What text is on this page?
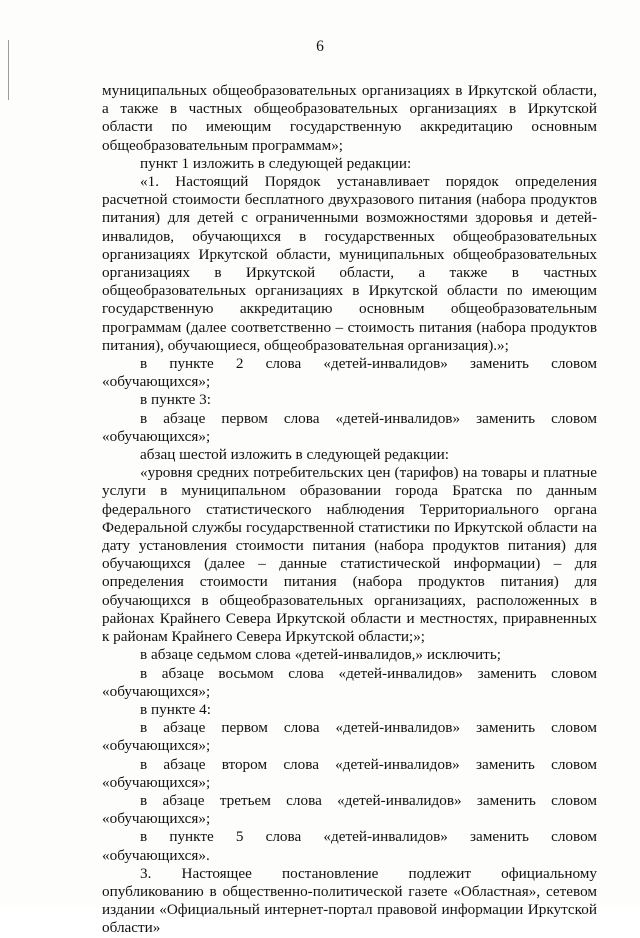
6

муниципальных общеобразовательных организациях в Иркутской области, а также в частных общеобразовательных организациях в Иркутской области по имеющим государственную аккредитацию основным общеобразовательным программам»;

пункт 1 изложить в следующей редакции:

«1. Настоящий Порядок устанавливает порядок определения расчетной стоимости бесплатного двухразового питания (набора продуктов питания) для детей с ограниченными возможностями здоровья и детей-инвалидов, обучающихся в государственных общеобразовательных организациях Иркутской области, муниципальных общеобразовательных организациях в Иркутской области, а также в частных общеобразовательных организациях в Иркутской области по имеющим государственную аккредитацию основным общеобразовательным программам (далее соответственно – стоимость питания (набора продуктов питания), обучающиеся, общеобразовательная организация).»;

в пункте 2 слова «детей-инвалидов» заменить словом «обучающихся»;

в пункте 3:

в абзаце первом слова «детей-инвалидов» заменить словом «обучающихся»;

абзац шестой изложить в следующей редакции:

«уровня средних потребительских цен (тарифов) на товары и платные услуги в муниципальном образовании города Братска по данным федерального статистического наблюдения Территориального органа Федеральной службы государственной статистики по Иркутской области на дату установления стоимости питания (набора продуктов питания) для обучающихся (далее – данные статистической информации) – для определения стоимости питания (набора продуктов питания) для обучающихся в общеобразовательных организациях, расположенных в районах Крайнего Севера Иркутской области и местностях, приравненных к районам Крайнего Севера Иркутской области;»;

в абзаце седьмом слова «детей-инвалидов,» исключить;

в абзаце восьмом слова «детей-инвалидов» заменить словом «обучающихся»;

в пункте 4:

в абзаце первом слова «детей-инвалидов» заменить словом «обучающихся»;

в абзаце втором слова «детей-инвалидов» заменить словом «обучающихся»;

в абзаце третьем слова «детей-инвалидов» заменить словом «обучающихся»;

в пункте 5 слова «детей-инвалидов» заменить словом «обучающихся».

3. Настоящее постановление подлежит официальному опубликованию в общественно-политической газете «Областная», сетевом издании «Официальный интернет-портал правовой информации Иркутской области»
